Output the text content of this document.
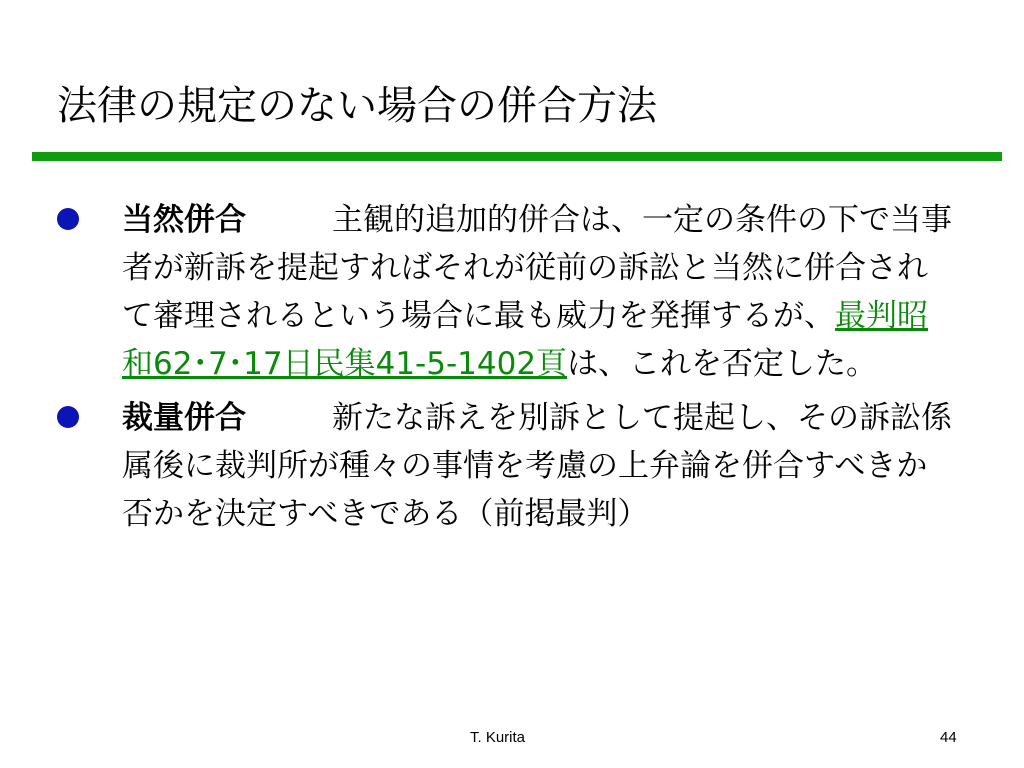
法律の規定のない場合の併合方法
当然併合	主観的追加的併合は、一定の条件の下で当事者が新訴を提起すればそれが従前の訴訟と当然に併合されて審理されるという場合に最も威力を発揮するが、最判昭和62･7･17日民集41-5-1402頁は、これを否定した。
裁量併合	新たな訴えを別訴として提起し、その訴訟係属後に裁判所が種々の事情を考慮の上弁論を併合すべきか否かを決定すべきである（前掲最判）
T. Kurita	44
